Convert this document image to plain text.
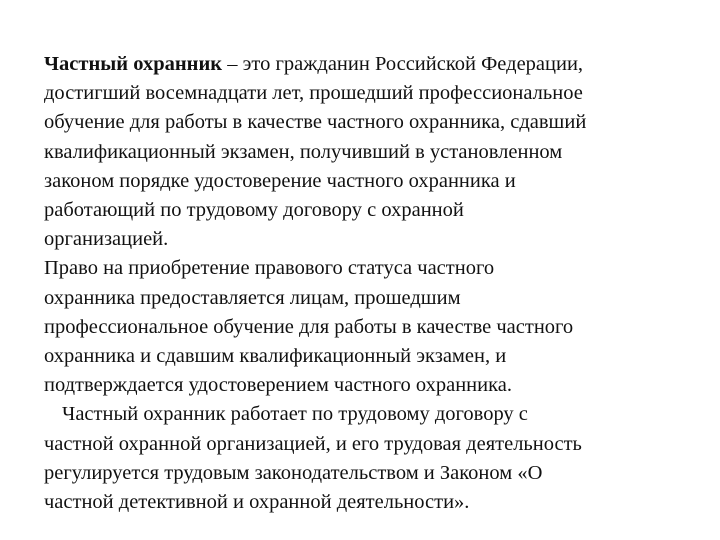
Частный охранник – это гражданин Российской Федерации,
достигший восемнадцати лет, прошедший профессиональное
обучение для работы в качестве частного охранника, сдавший
квалификационный экзамен, получивший в установленном
законом порядке удостоверение частного охранника и
работающий по трудовому договору с охранной
организацией.

Право на приобретение правового статуса частного
охранника предоставляется лицам, прошедшим
профессиональное обучение для работы в качестве частного
охранника и сдавшим квалификационный экзамен, и
подтверждается удостоверением частного охранника.

Частный охранник работает по трудовому договору с
частной охранной организацией, и его трудовая деятельность
регулируется трудовым законодательством и Законом «О
частной детективной и охранной деятельности».
